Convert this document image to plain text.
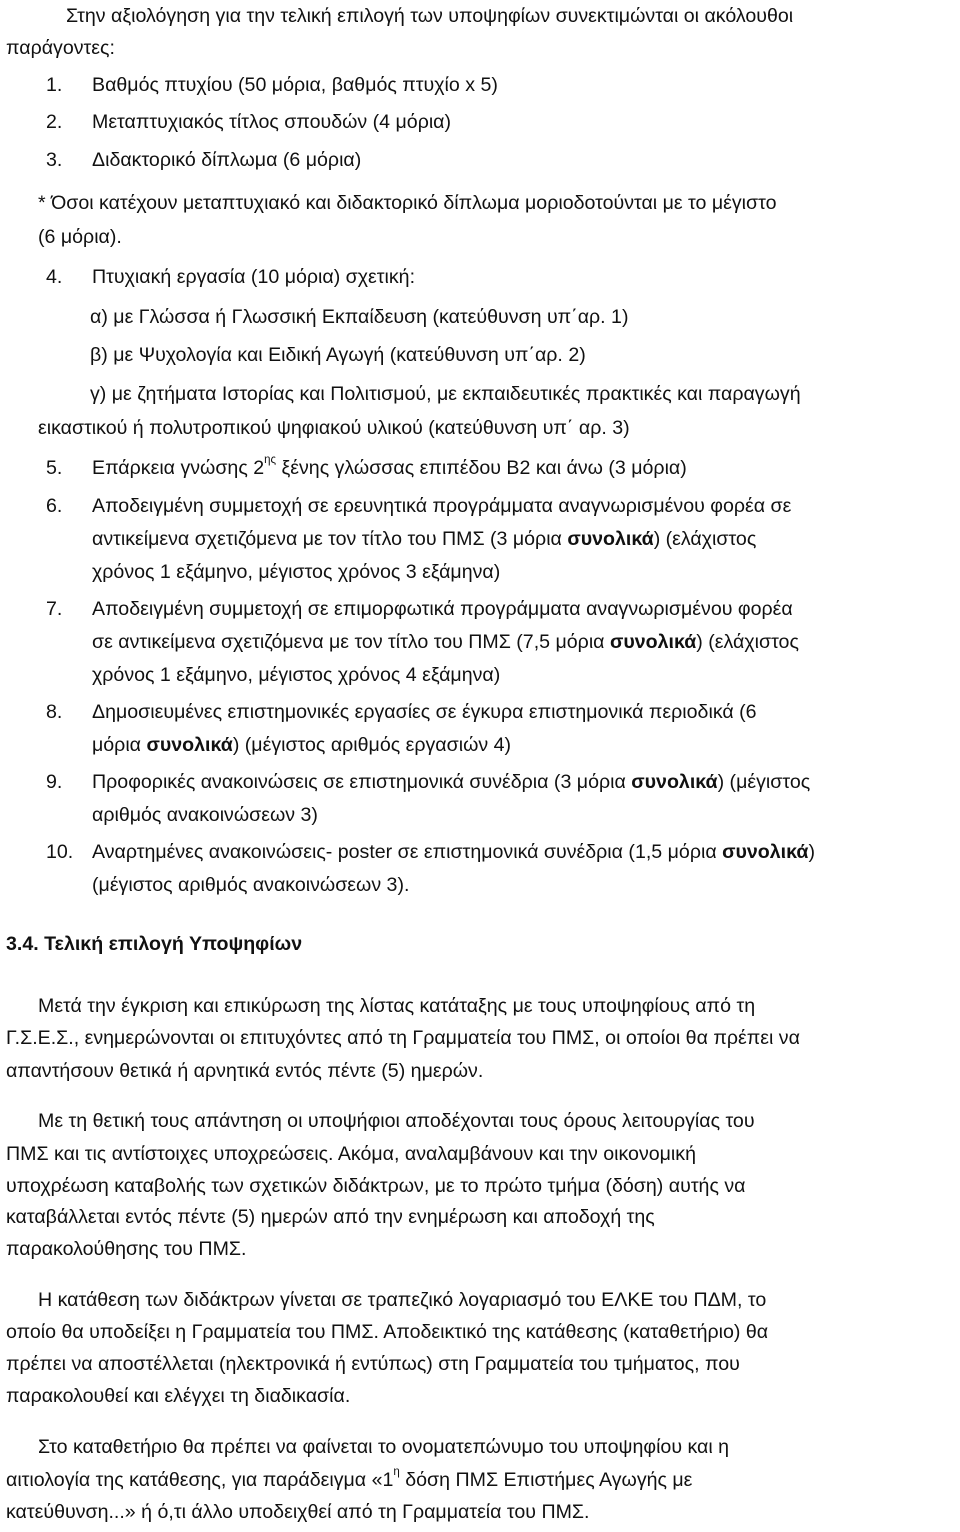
Στην αξιολόγηση για την τελική επιλογή των υποψηφίων συνεκτιμώνται οι ακόλουθοι
παράγοντες:
1. Βαθμός πτυχίου (50 μόρια, βαθμός πτυχίο x 5)
2. Μεταπτυχιακός τίτλος σπουδών (4 μόρια)
3. Διδακτορικό δίπλωμα (6 μόρια)
* Όσοι κατέχουν μεταπτυχιακό και διδακτορικό δίπλωμα μοριοδοτούνται με το μέγιστο
(6 μόρια).
4. Πτυχιακή εργασία (10 μόρια) σχετική:
α) με Γλώσσα ή Γλωσσική Εκπαίδευση (κατεύθυνση υπ΄αρ. 1)
β) με Ψυχολογία και Ειδική Αγωγή (κατεύθυνση υπ΄αρ. 2)
γ) με ζητήματα Ιστορίας και Πολιτισμού, με εκπαιδευτικές πρακτικές και παραγωγή
εικαστικού ή πολυτροπικού ψηφιακού υλικού (κατεύθυνση υπ΄ αρ. 3)
5. Επάρκεια γνώσης $2^{\eta\varsigma}$ ξένης γλώσσας επιπέδου Β2 και άνω (3 μόρια)
6. Αποδειγμένη συμμετοχή σε ερευνητικά προγράμματα αναγνωρισμένου φορέα σε
αντικείμενα σχετιζόμενα με τον τίτλο του ΠΜΣ (3 μόρια συνολικά) (ελάχιστος
χρόνος 1 εξάμηνο, μέγιστος χρόνος 3 εξάμηνα)
7. Αποδειγμένη συμμετοχή σε επιμορφωτικά προγράμματα αναγνωρισμένου φορέα
σε αντικείμενα σχετιζόμενα με τον τίτλο του ΠΜΣ (7,5 μόρια συνολικά) (ελάχιστος
χρόνος 1 εξάμηνο, μέγιστος χρόνος 4 εξάμηνα)
8. Δημοσιευμένες επιστημονικές εργασίες σε έγκυρα επιστημονικά περιοδικά (6
μόρια συνολικά) (μέγιστος αριθμός εργασιών 4)
9. Προφορικές ανακοινώσεις σε επιστημονικά συνέδρια (3 μόρια συνολικά) (μέγιστος
αριθμός ανακοινώσεων 3)
10. Αναρτημένες ανακοινώσεις- poster σε επιστημονικά συνέδρια (1,5 μόρια συνολικά)
(μέγιστος αριθμός ανακοινώσεων 3).
3.4. Τελική επιλογή Υποψηφίων
Μετά την έγκριση και επικύρωση της λίστας κατάταξης με τους υποψηφίους από τη
Γ.Σ.Ε.Σ., ενημερώνονται οι επιτυχόντες από τη Γραμματεία του ΠΜΣ, οι οποίοι θα πρέπει να
απαντήσουν θετικά ή αρνητικά εντός πέντε (5) ημερών.
Με τη θετική τους απάντηση οι υποψήφιοι αποδέχονται τους όρους λειτουργίας του
ΠΜΣ και τις αντίστοιχες υποχρεώσεις. Ακόμα, αναλαμβάνουν και την οικονομική
υποχρέωση καταβολής των σχετικών διδάκτρων, με το πρώτο τμήμα (δόση) αυτής να
καταβάλλεται εντός πέντε (5) ημερών από την ενημέρωση και αποδοχή της
παρακολούθησης του ΠΜΣ.
Η κατάθεση των διδάκτρων γίνεται σε τραπεζικό λογαριασμό του ΕΛΚΕ του ΠΔΜ, το
οποίο θα υποδείξει η Γραμματεία του ΠΜΣ. Αποδεικτικό της κατάθεσης (καταθετήριο) θα
πρέπει να αποστέλλεται (ηλεκτρονικά ή εντύπως) στη Γραμματεία του τμήματος, που
παρακολουθεί και ελέγχει τη διαδικασία.
Στο καταθετήριο θα πρέπει να φαίνεται το ονοματεπώνυμο του υποψηφίου και η
αιτιολογία της κατάθεσης, για παράδειγμα «$1^\eta$ δόση ΠΜΣ Επιστήμες Αγωγής με
κατεύθυνση...» ή ό,τι άλλο υποδειχθεί από τη Γραμματεία του ΠΜΣ.
